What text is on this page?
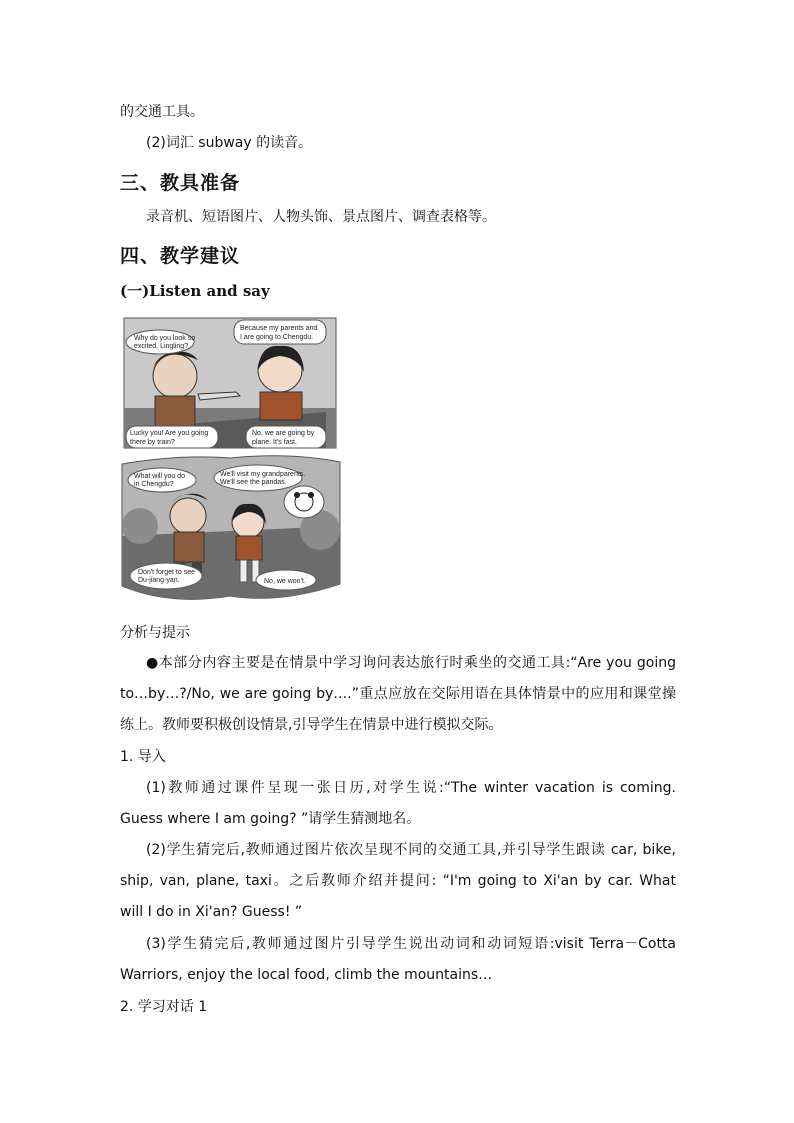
的交通工具。
(2)词汇 subway 的读音。
三、教具准备
录音机、短语图片、人物头饰、景点图片、调查表格等。
四、教学建议
(一)Listen and say
Why do you look so
excited, Lingling?
Because my parents and
I are going to Chengdu.
Lucky you! Are you going
there by train?
No, we are going by
plane. It's fast.
What will you do
in Chengdu?
We'll visit my grandparents.
We'll see the pandas.
Don't forget to see
Du-jiang-yan.	No, we won't.
分析与提示
●本部分内容主要是在情景中学习询问表达旅行时乘坐的交通工具:“Are you going
to…by…?/No, we are going by….”重点应放在交际用语在具体情景中的应用和课堂操
练上。教师要积极创设情景,引导学生在情景中进行模拟交际。
1. 导入
(1)教师通过课件呈现一张日历,对学生说:“The winter vacation is coming.
Guess where I am going? ”请学生猜测地名。
(2)学生猜完后,教师通过图片依次呈现不同的交通工具,并引导学生跟读 car, bike,
ship, van, plane, taxi。之后教师介绍并提问: “I'm going to Xi'an by car. What
will I do in Xi'an? Guess! ”
(3)学生猜完后,教师通过图片引导学生说出动词和动词短语:visit Terra－Cotta
Warriors, enjoy the local food, climb the mountains…
2. 学习对话 1
